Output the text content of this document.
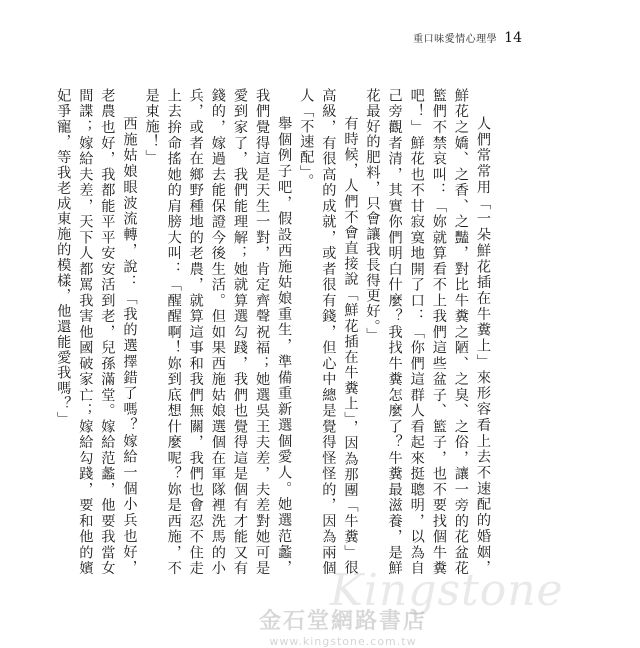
重口味愛情心理學 14

人們常常用「一朵鮮花插在牛糞上」來形容看上去不速配的婚姻，鮮花之嬌、之香、之豔，對比牛糞之陋、之臭、之俗，讓一旁的花盆花籃們不禁哀叫：「妳就算看不上我們這些盆子、籃子，也不要找個牛糞吧！」鮮花也不甘寂寞地開了口：「你們這群人看起來挺聰明，以為自己旁觀者清，其實你們明白什麼？我找牛糞怎麼了？牛糞最滋養，是鮮花最好的肥料，只會讓我長得更好。」

有時候，人們不會直接說「鮮花插在牛糞上」，因為那團「牛糞」很高級，有很高的成就，或者很有錢，但心中總是覺得怪怪的，因為兩個人「不速配」。

舉個例子吧，假設西施姑娘重生，準備重新選個愛人。她選范蠡，我們覺得這是天生一對，肯定齊聲祝福；她選吳王夫差，夫差對她可是愛到家了，我們能理解；她就算選勾踐，我們也覺得這是個有才能又有錢的，嫁過去能保證今後生活。但如果西施姑娘選個在軍隊裡洗馬的小兵，或者在鄉野種地的老農，就算這事和我們無關，我們也會忍不住走上去拚命搖她的肩膀大叫：「醒醒啊！妳到底想什麼呢？妳是西施，不是東施！」

西施姑娘眼波流轉，說：「我的選擇錯了嗎？嫁給一個小兵也好，老農也好，我都能平平安安活到老，兒孫滿堂。嫁給范蠡，他要我當女間諜；嫁給夫差，天下人都罵我害他國破家亡；嫁給勾踐，要和他的嬪妃爭寵，等我老成東施的模樣，他還能愛我嗎？」

Kingstone
金石堂網路書店
www.kingstone.com.tw
